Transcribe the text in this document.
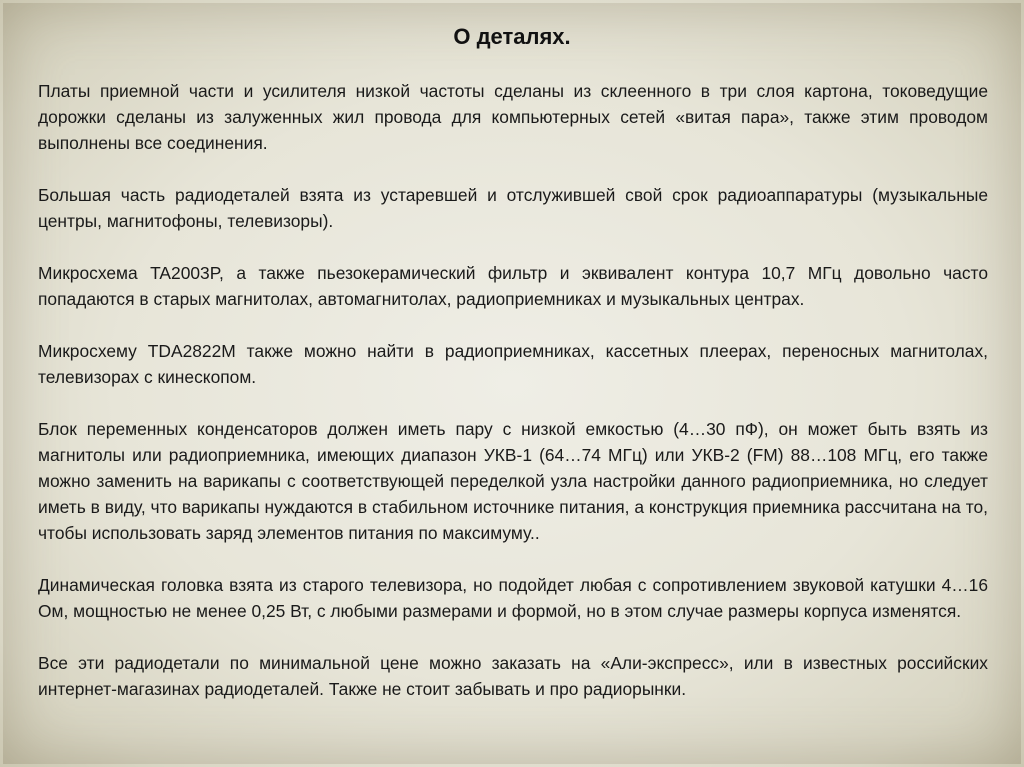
О деталях.

Платы приемной части и усилителя низкой частоты сделаны из склеенного в три слоя картона, токоведущие дорожки сделаны из залуженных жил провода для компьютерных сетей «витая пара», также этим проводом выполнены все соединения.

Большая часть радиодеталей взята из устаревшей и отслужившей свой срок радиоаппаратуры (музыкальные центры, магнитофоны, телевизоры).

Микросхема TA2003P, а также пьезокерамический фильтр и эквивалент контура 10,7 МГц довольно часто попадаются в старых магнитолах, автомагнитолах, радиоприемниках и музыкальных центрах.

Микросхему TDA2822M также можно найти в радиоприемниках, кассетных плеерах, переносных магнитолах, телевизорах с кинескопом.

Блок переменных конденсаторов должен иметь пару с низкой емкостью (4…30 пФ), он может быть взять из магнитолы или радиоприемника, имеющих диапазон УКВ-1 (64…74 МГц) или УКВ-2 (FM) 88…108 МГц, его также можно заменить на варикапы с соответствующей переделкой узла настройки данного радиоприемника, но следует иметь в виду, что варикапы нуждаются в стабильном источнике питания, а конструкция приемника рассчитана на то, чтобы использовать заряд элементов питания по максимуму..

Динамическая головка взята из старого телевизора, но подойдет любая с сопротивлением звуковой катушки 4…16 Ом, мощностью не менее 0,25 Вт, с любыми размерами и формой, но в этом случае размеры корпуса изменятся.

Все эти радиодетали по минимальной цене можно заказать на «Али-экспресс», или в известных российских интернет-магазинах радиодеталей. Также не стоит забывать и про радиорынки.
